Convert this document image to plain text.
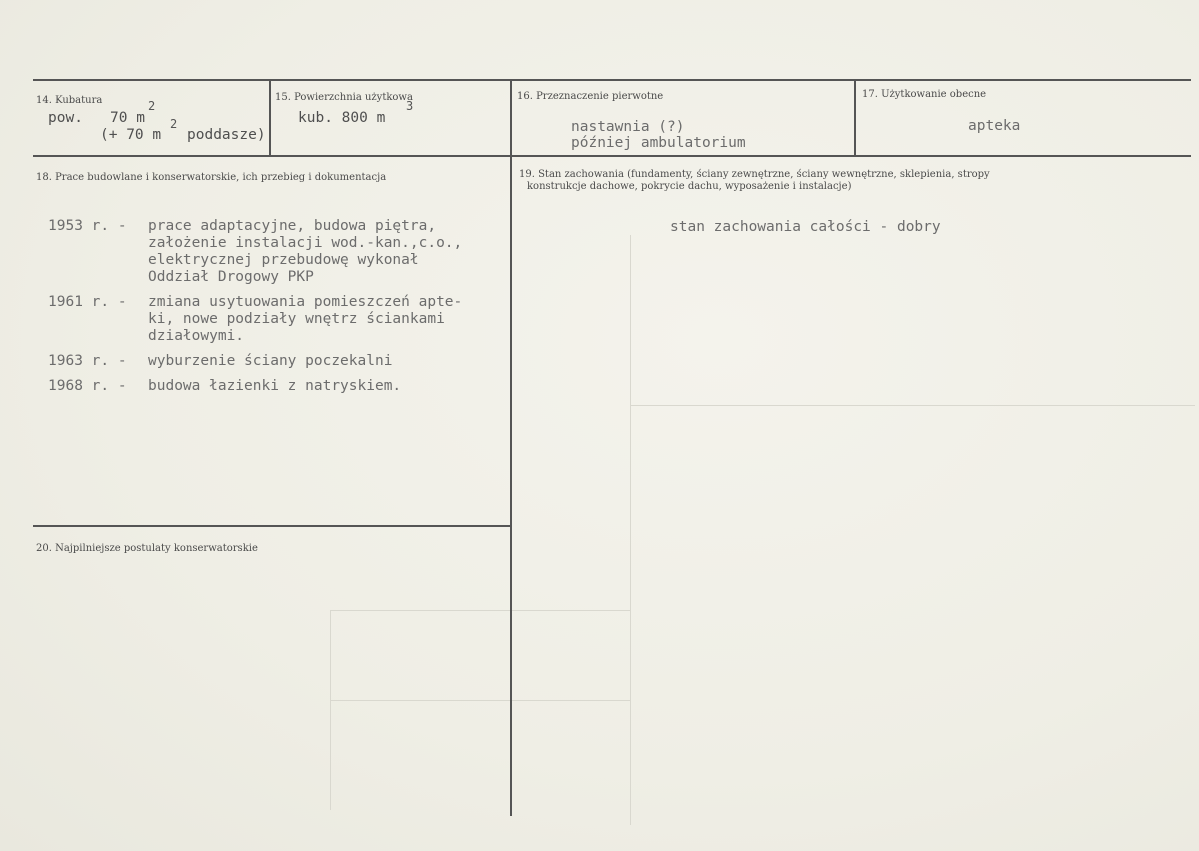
14. Kubatura
pow. 70 m
2
(+ 70 m
2
poddasze)
15. Powierzchnia użytkowa
kub. 800 m
3
16. Przeznaczenie pierwotne
nastawnia (?)
później ambulatorium
17. Użytkowanie obecne
apteka
18. Prace budowlane i konserwatorskie, ich przebieg i dokumentacja
1953 r. - prace adaptacyjne, budowa piętra,
założenie instalacji wod.-kan.,c.o.,
elektrycznej przebudowę wykonał
Oddział Drogowy PKP
1961 r. - zmiana usytuowania pomieszczeń apte-
ki, nowe podziały wnętrz ściankami
działowymi.
1963 r. - wyburzenie ściany poczekalni
1968 r. - budowa łazienki z natryskiem.
19. Stan zachowania (fundamenty, ściany zewnętrzne, ściany wewnętrzne, sklepienia, stropy
konstrukcje dachowe, pokrycie dachu, wyposażenie i instalacje)
stan zachowania całości - dobry
20. Najpilniejsze postulaty konserwatorskie
